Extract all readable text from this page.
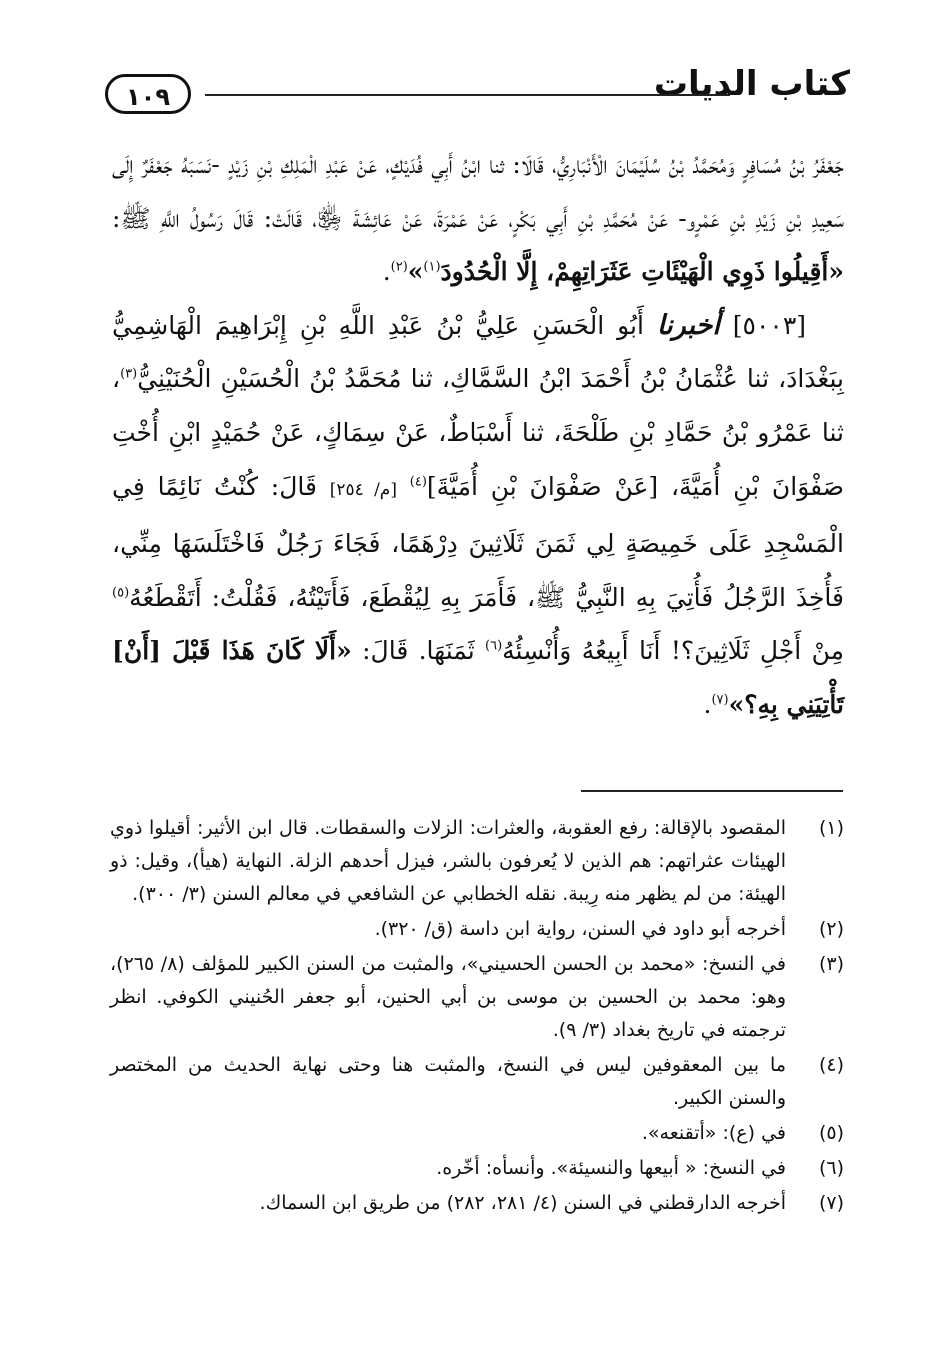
كتاب الديات
١٠٩

جَعْفَرُ بْنُ مُسَافِرٍ وَمُحَمَّدُ بْنُ سُلَيْمَانَ الْأَنْبَارِيُّ، قَالَا: ثنا ابْنُ أَبِي فُدَيْكٍ، عَنْ عَبْدِ الْمَلِكِ بْنِ زَيْدٍ -نَسَبَهُ جَعْفَرٌ إِلَى سَعِيدِ بْنِ زَيْدِ بْنِ عَمْرٍو- عَنْ مُحَمَّدِ بْنِ أَبِي بَكْرٍ، عَنْ عَمْرَةَ، عَنْ عَائِشَةَ ﵂، قَالَتْ: قَالَ رَسُولُ اللَّهِ ﷺ: «أَقِيلُوا ذَوِي الْهَيْئَاتِ عَثَرَاتِهِمْ، إِلَّا الْحُدُودَ$^{(١)}$»$^{(٢)}$.

[٥٠٠٣] أخبرنا أَبُو الْحَسَنِ عَلِيُّ بْنُ عَبْدِ اللَّهِ بْنِ إِبْرَاهِيمَ الْهَاشِمِيُّ بِبَغْدَادَ، ثنا عُثْمَانُ بْنُ أَحْمَدَ ابْنُ السَّمَّاكِ، ثنا مُحَمَّدُ بْنُ الْحُسَيْنِ الْحُنَيْنِيُّ$^{(٣)}$، ثنا عَمْرُو بْنُ حَمَّادِ بْنِ طَلْحَةَ، ثنا أَسْبَاطٌ، عَنْ سِمَاكٍ، عَنْ حُمَيْدٍ ابْنِ أُخْتِ صَفْوَانَ بْنِ أُمَيَّةَ، [عَنْ صَفْوَانَ بْنِ أُمَيَّةَ]$^{(٤)}$ [م/ ٢٥٤] قَالَ: كُنْتُ نَائِمًا فِي الْمَسْجِدِ عَلَى خَمِيصَةٍ لِي ثَمَنَ ثَلَاثِينَ دِرْهَمًا، فَجَاءَ رَجُلٌ فَاخْتَلَسَهَا مِنِّي، فَأُخِذَ الرَّجُلُ فَأُتِيَ بِهِ النَّبِيُّ ﷺ، فَأَمَرَ بِهِ لِيُقْطَعَ، فَأَتَيْتُهُ، فَقُلْتُ: أَتَقْطَعُهُ$^{(٥)}$ مِنْ أَجْلِ ثَلَاثِينَ؟! أَنَا أَبِيعُهُ وَأُنْسِئُهُ$^{(٦)}$ ثَمَنَهَا. قَالَ: «أَلَا كَانَ هَذَا قَبْلَ [أَنْ] تَأْتِيَنِي بِهِ؟»$^{(٧)}$.

(١)
المقصود بالإقالة: رفع العقوبة، والعثرات: الزلات والسقطات. قال ابن الأثير: أقيلوا ذوي الهيئات عثراتهم: هم الذين لا يُعرفون بالشر، فيزل أحدهم الزلة. النهاية (هيأ)، وقيل: ذو الهيئة: من لم يظهر منه رِيبة. نقله الخطابي عن الشافعي في معالم السنن (٣/ ٣٠٠).
(٢)
أخرجه أبو داود في السنن، رواية ابن داسة (ق/ ٣٢٠).
(٣)
في النسخ: «محمد بن الحسن الحسيني»، والمثبت من السنن الكبير للمؤلف (٨/ ٢٦٥)، وهو: محمد بن الحسين بن موسى بن أبي الحنين، أبو جعفر الحُنيني الكوفي. انظر ترجمته في تاريخ بغداد (٣/ ٩).
(٤)
ما بين المعقوفين ليس في النسخ، والمثبت هنا وحتى نهاية الحديث من المختصر والسنن الكبير.
(٥)
في (ع): «أتقنعه».
(٦)
في النسخ: « أبيعها والنسيئة». وأنسأه: أخّره.
(٧)
أخرجه الدارقطني في السنن (٤/ ٢٨١، ٢٨٢) من طريق ابن السماك.
